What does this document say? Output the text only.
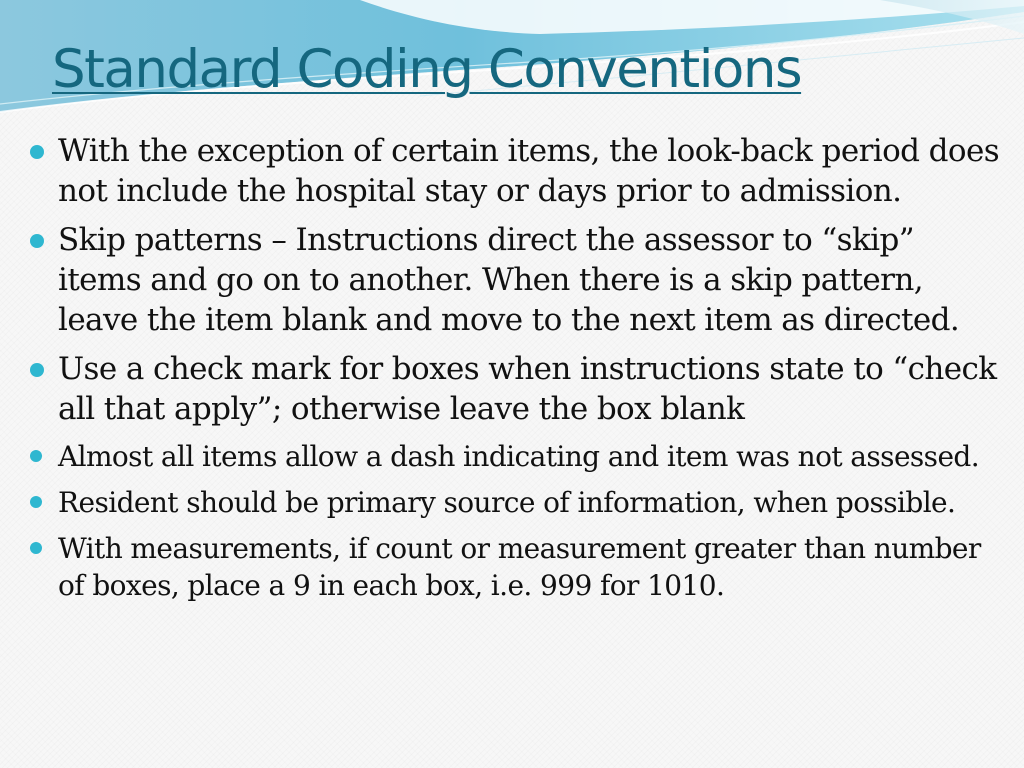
Standard Coding Conventions
With the exception of certain items, the look-back period does not include the hospital stay or days prior to admission.
Skip patterns – Instructions direct the assessor to “skip” items and go on to another. When there is a skip pattern, leave the item blank and move to the next item as directed.
Use a check mark for boxes when instructions state to “check all that apply”; otherwise leave the box blank
Almost all items allow a dash indicating and item was not assessed.
Resident should be primary source of information, when possible.
With measurements, if count or measurement greater than number of boxes, place a 9 in each box, i.e. 999 for 1010.
